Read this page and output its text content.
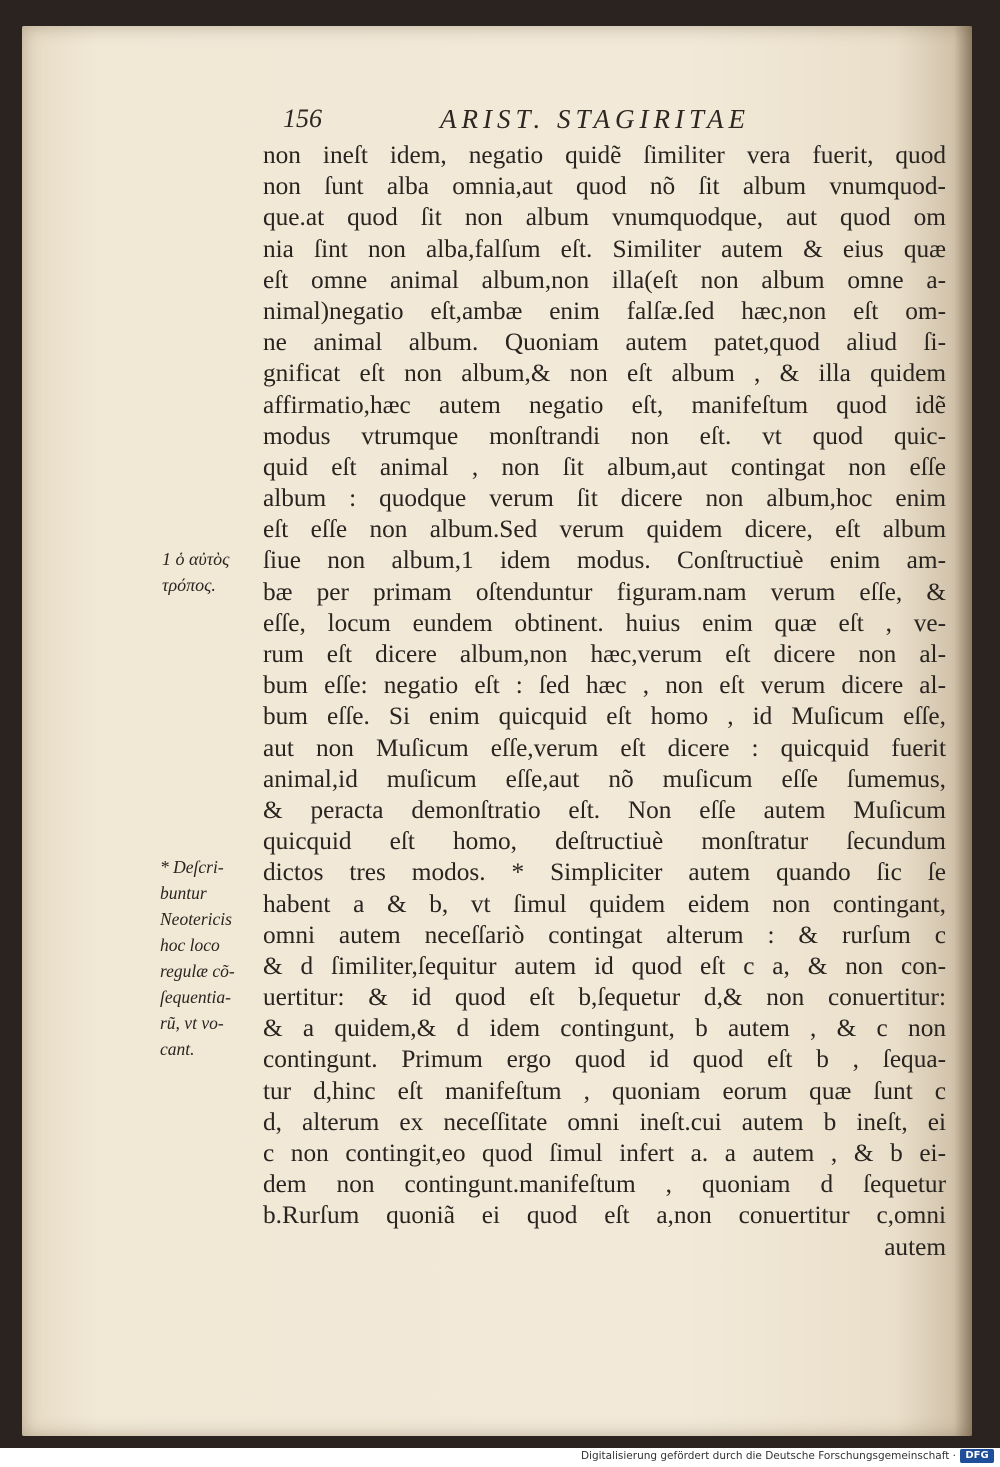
156	ARIST. STAGIRITAE
non ineſt idem, negatio quidẽ ſimiliter vera fuerit, quod
non ſunt alba omnia,aut quod nõ ſit album vnumquod-
que.at quod ſit non album vnumquodque, aut quod om
nia ſint non alba,falſum eſt. Similiter autem & eius quæ
eſt omne animal album,non illa(eſt non album omne a-
nimal)negatio eſt,ambæ enim falſæ.ſed hæc,non eſt om-
ne animal album. Quoniam autem patet,quod aliud ſi-
gnificat eſt non album,& non eſt album , & illa quidem
affirmatio,hæc autem negatio eſt, manifeſtum quod idẽ
modus vtrumque monſtrandi non eſt. vt quod quic-
quid eſt animal , non ſit album,aut contingat non eſſe
album : quodque verum ſit dicere non album,hoc enim
eſt eſſe non album.Sed verum quidem dicere, eſt album
ſiue non album,1 idem modus. Conſtructiuè enim am-
bæ per primam oſtenduntur figuram.nam verum eſſe, &
eſſe, locum eundem obtinent. huius enim quæ eſt , ve-
rum eſt dicere album,non hæc,verum eſt dicere non al-
bum eſſe: negatio eſt : ſed hæc , non eſt verum dicere al-
bum eſſe. Si enim quicquid eſt homo , id Muſicum eſſe,
aut non Muſicum eſſe,verum eſt dicere : quicquid fuerit
animal,id muſicum eſſe,aut nõ muſicum eſſe ſumemus,
& peracta demonſtratio eſt. Non eſſe autem Muſicum
quicquid eſt homo, deſtructiuè monſtratur ſecundum
dictos tres modos. * Simpliciter autem quando ſic ſe
habent a & b, vt ſimul quidem eidem non contingant,
omni autem neceſſariò contingat alterum : & rurſum c
& d ſimiliter,ſequitur autem id quod eſt c a, & non con-
uertitur: & id quod eſt b,ſequetur d,& non conuertitur:
& a quidem,& d idem contingunt, b autem , & c non
contingunt. Primum ergo quod id quod eſt b , ſequa-
tur d,hinc eſt manifeſtum , quoniam eorum quæ ſunt c
d, alterum ex neceſſitate omni ineſt.cui autem b ineſt, ei
c non contingit,eo quod ſimul infert a. a autem , & b ei-
dem non contingunt.manifeſtum , quoniam d ſequetur
b.Rurſum quoniã ei quod eſt a,non conuertitur c,omni
autem
1 ὁ αὐτὸς
τρόπος.
* Deſcri-
buntur
Neotericis
hoc loco
regulæ cõ-
ſequentia-
rũ, vt vo-
cant.
Digitalisierung gefördert durch die Deutsche Forschungsgemeinschaft · DFG
